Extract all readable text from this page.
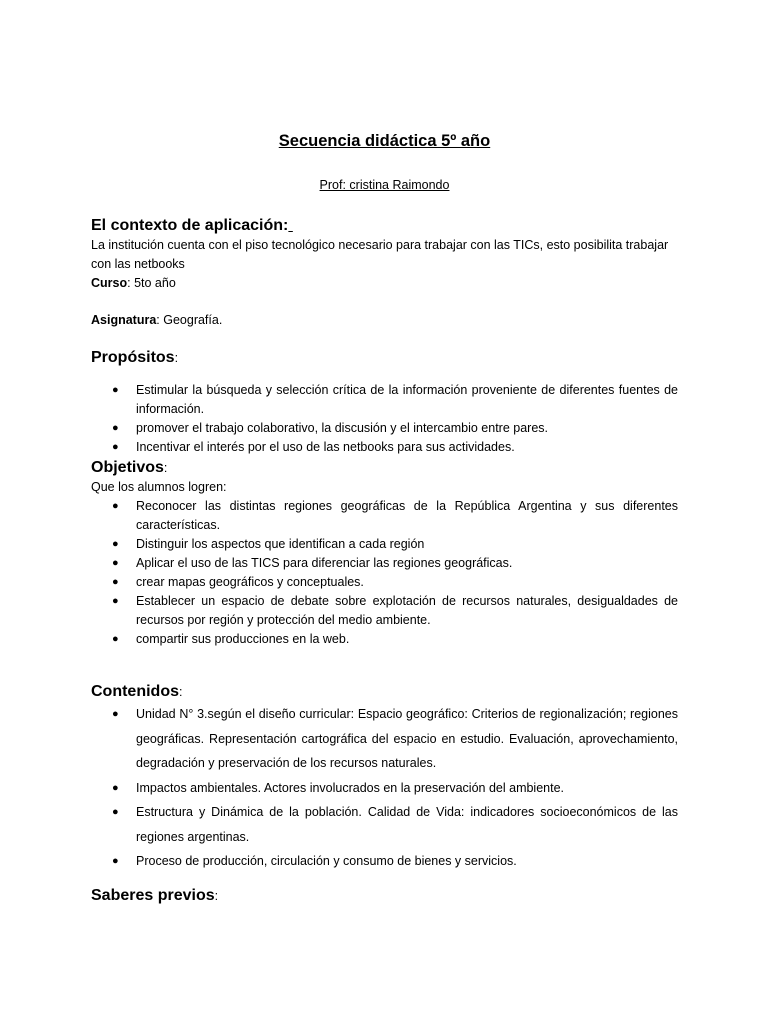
Secuencia didáctica 5º año

Prof: cristina Raimondo

El contexto de aplicación:

La institución cuenta con el piso tecnológico necesario para trabajar con las TICs, esto posibilita trabajar con las netbooks

Curso: 5to año

Asignatura: Geografía.

Propósitos:
● Estimular la búsqueda y selección crítica de la información proveniente de diferentes fuentes de información.
● promover el trabajo colaborativo, la discusión y el intercambio entre pares.
● Incentivar el interés por el uso de las netbooks para sus actividades.
Objetivos:

Que los alumnos logren:

● Reconocer las distintas regiones geográficas de la República Argentina y sus diferentes características.
● Distinguir los aspectos que identifican a cada región
● Aplicar el uso de las TICS para diferenciar las regiones geográficas.
● crear mapas geográficos y conceptuales.
● Establecer un espacio de debate sobre explotación de recursos naturales, desigualdades de recursos por región y protección del medio ambiente.
● compartir sus producciones en la web.
Contenidos:
● Unidad N° 3.según el diseño curricular: Espacio geográfico: Criterios de regionalización; regiones geográficas. Representación cartográfica del espacio en estudio. Evaluación, aprovechamiento, degradación y preservación de los recursos naturales.
● Impactos ambientales. Actores involucrados en la preservación del ambiente.
● Estructura y Dinámica de la población. Calidad de Vida: indicadores socioeconómicos de las regiones argentinas.
● Proceso de producción, circulación y consumo de bienes y servicios.
Saberes previos:
